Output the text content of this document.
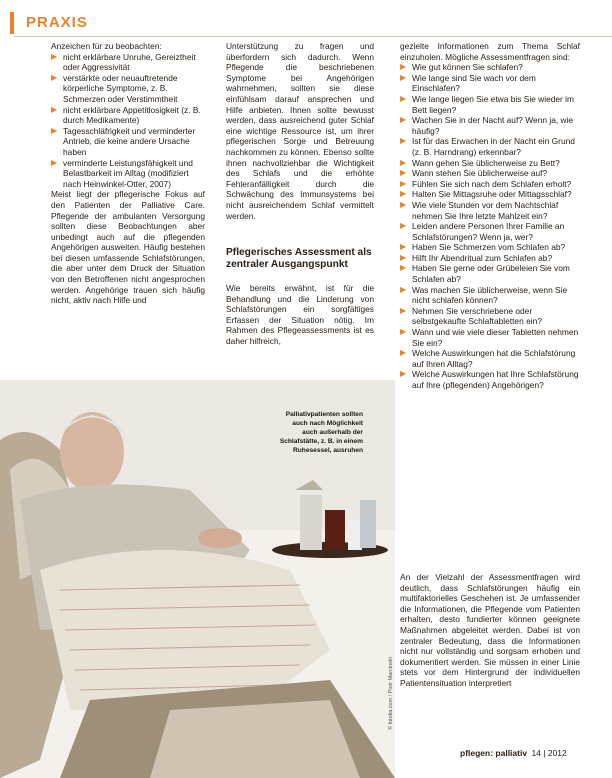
PRAXIS

Anzeichen für zu beobachten:

▶ nicht erklärbare Unruhe, Gereiztheit oder Aggressivität
▶ verstärkte oder neuauftretende körperliche Symptome, z. B. Schmerzen oder Verstimmtheit
▶ nicht erklärbare Appetitlosigkeit (z. B. durch Medikamente)
▶ Tagesschläfrigkeit und verminderter Antrieb, die keine andere Ursache haben
▶ verminderte Leistungsfähigkeit und Belastbarkeit im Alltag (modifiziert nach Heinwinkel-Otter, 2007)

Meist liegt der pflegerische Fokus auf den Patienten der Palliative Care. Pflegende der ambulanten Versorgung sollten diese Beobachtungen aber unbedingt auch auf die pflegenden Angehörigen ausweiten. Häufig bestehen bei diesen umfassende Schlafstörungen, die aber unter dem Druck der Situation von den Betroffenen nicht angesprochen werden. Angehörige trauen sich häufig nicht, aktiv nach Hilfe und

Unterstützung zu fragen und überfordern sich dadurch. Wenn Pflegende die beschriebenen Symptome bei Angehörigen wahrnehmen, sollten sie diese einfühlsam darauf ansprechen und Hilfe anbieten. Ihnen sollte bewusst werden, dass ausreichend guter Schlaf eine wichtige Ressource ist, um ihrer pflegerischen Sorge und Betreuung nachkommen zu können. Ebenso sollte ihnen nachvollziehbar die Wichtigkeit des Schlafs und die erhöhte Fehleranfälligkeit durch die Schwächung des Immunsystems bei nicht ausreichendem Schlaf vermittelt werden.

Pflegerisches Assessment als zentraler Ausgangspunkt

Wie bereits erwähnt, ist für die Behandlung und die Linderung von Schlafstörungen ein sorgfältiges Erfassen der Situation nötig. Im Rahmen des Pflegeassessments ist es daher hilfreich,

gezielte Informationen zum Thema Schlaf einzuholen. Mögliche Assessmentfragen sind:

▶ Wie gut können Sie schlafen?
▶ Wie lange sind Sie wach vor dem Einschlafen?
▶ Wie lange liegen Sie etwa bis Sie wieder im Bett liegen?
▶ Wachen Sie in der Nacht auf? Wenn ja, wie häufig?
▶ Ist für das Erwachen in der Nacht ein Grund (z. B. Harndrang) erkennbar?
▶ Wann gehen Sie üblicherweise zu Bett?
▶ Wann stehen Sie üblicherweise auf?
▶ Fühlen Sie sich nach dem Schlafen erholt?
▶ Halten Sie Mittagsruhe oder Mittagsschlaf?
▶ Wie viele Stunden vor dem Nachtschlaf nehmen Sie Ihre letzte Mahlzeit ein?
▶ Leiden andere Personen Ihrer Familie an Schlafstörungen? Wenn ja, wer?
▶ Haben Sie Schmerzen vom Schlafen ab?
▶ Hilft Ihr Abendritual zum Schlafen ab?
▶ Haben Sie gerne oder Grübeleien Sie vom Schlafen ab?
▶ Was machen Sie üblicherweise, wenn Sie nicht schlafen können?
▶ Nehmen Sie verschriebene oder selbstgekaufte Schlaftabletten ein?
▶ Wann und wie viele dieser Tabletten nehmen Sie ein?
▶ Welche Auswirkungen hat die Schlafstörung auf Ihren Alltag?
▶ Welche Auswirkungen hat Ihre Schlafstörung auf Ihre (pflegenden) Angehörigen?

An der Vielzahl der Assessmentfragen wird deutlich, dass Schlafstörungen häufig ein multifaktorielles Geschehen ist. Je umfassender die Informationen, die Pflegende vom Patienten erhalten, desto fundierter können geeignete Maßnahmen abgeleitet werden. Dabei ist von zentraler Bedeutung, dass die Informationen nicht nur vollständig und sorgsam erhoben und dokumentiert werden. Sie müssen in einer Linie stets vor dem Hintergrund der individuellen Patientensituation interpretiert

Palliativpatienten sollten auch nach Möglichkeit auch außerhalb der Schlafstätte, z. B. in einem Ruhesessel, ausruhen
© fotolia.com / Piotr Marcinski
pflegen: palliativ 14 | 2012
